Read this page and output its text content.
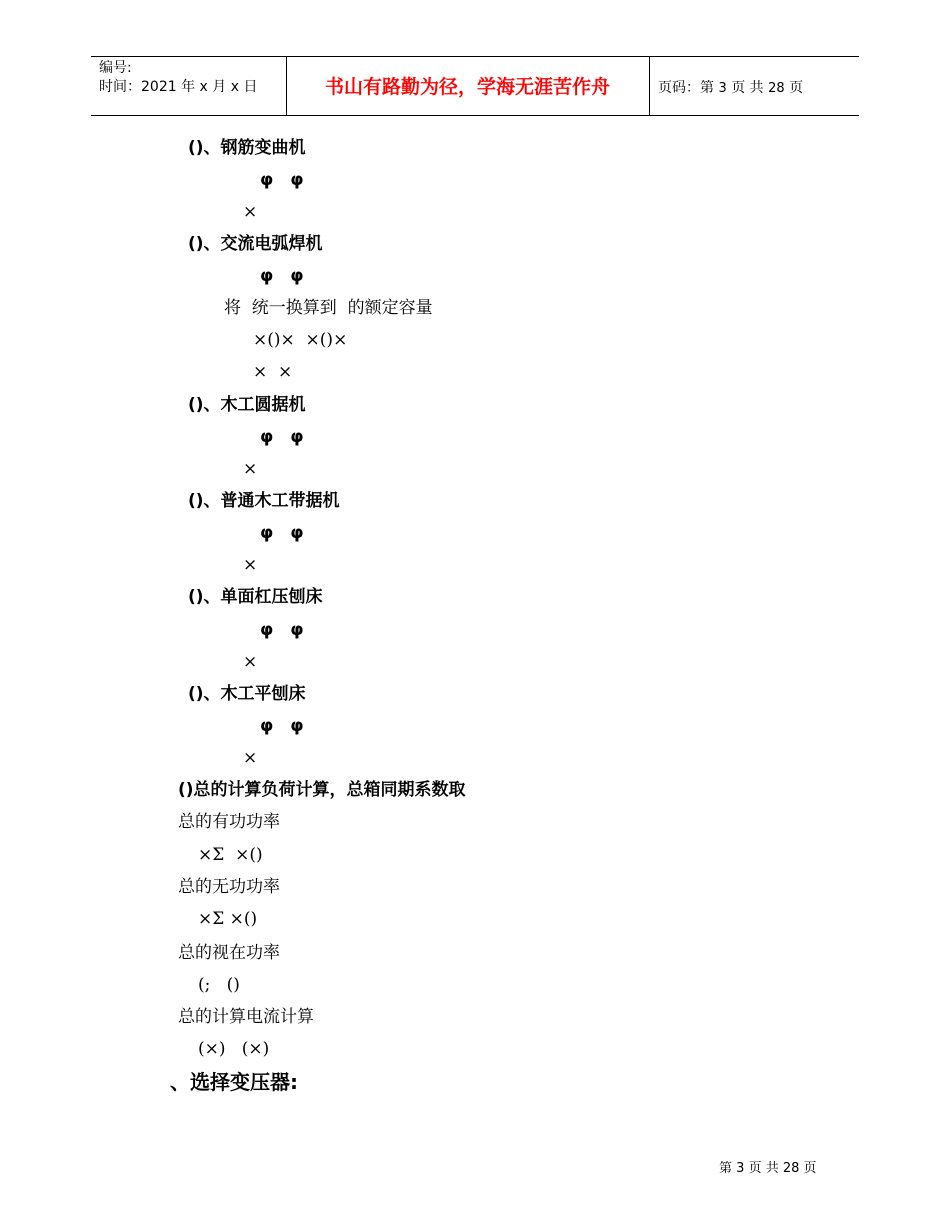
编号:
时间：2021 年 x 月 x 日	书山有路勤为径，学海无涯苦作舟	页码：第 3 页 共 28 页
()、钢筋变曲机
φ　φ
×
()、交流电弧焊机
φ　φ
将  统一换算到  的额定容量
×()×  ×()×
×  ×
()、木工圆据机
φ　φ
×
()、普通木工带据机
φ　φ
×
()、单面杠压刨床
φ　φ
×
()、木工平刨床
φ　φ
×
()总的计算负荷计算，总箱同期系数取
总的有功功率
×Σ  ×()
总的无功功率
×Σ ×()
总的视在功率
(;   ()
总的计算电流计算
(×)   (×)
、选择变压器:
第 3 页 共 28 页
